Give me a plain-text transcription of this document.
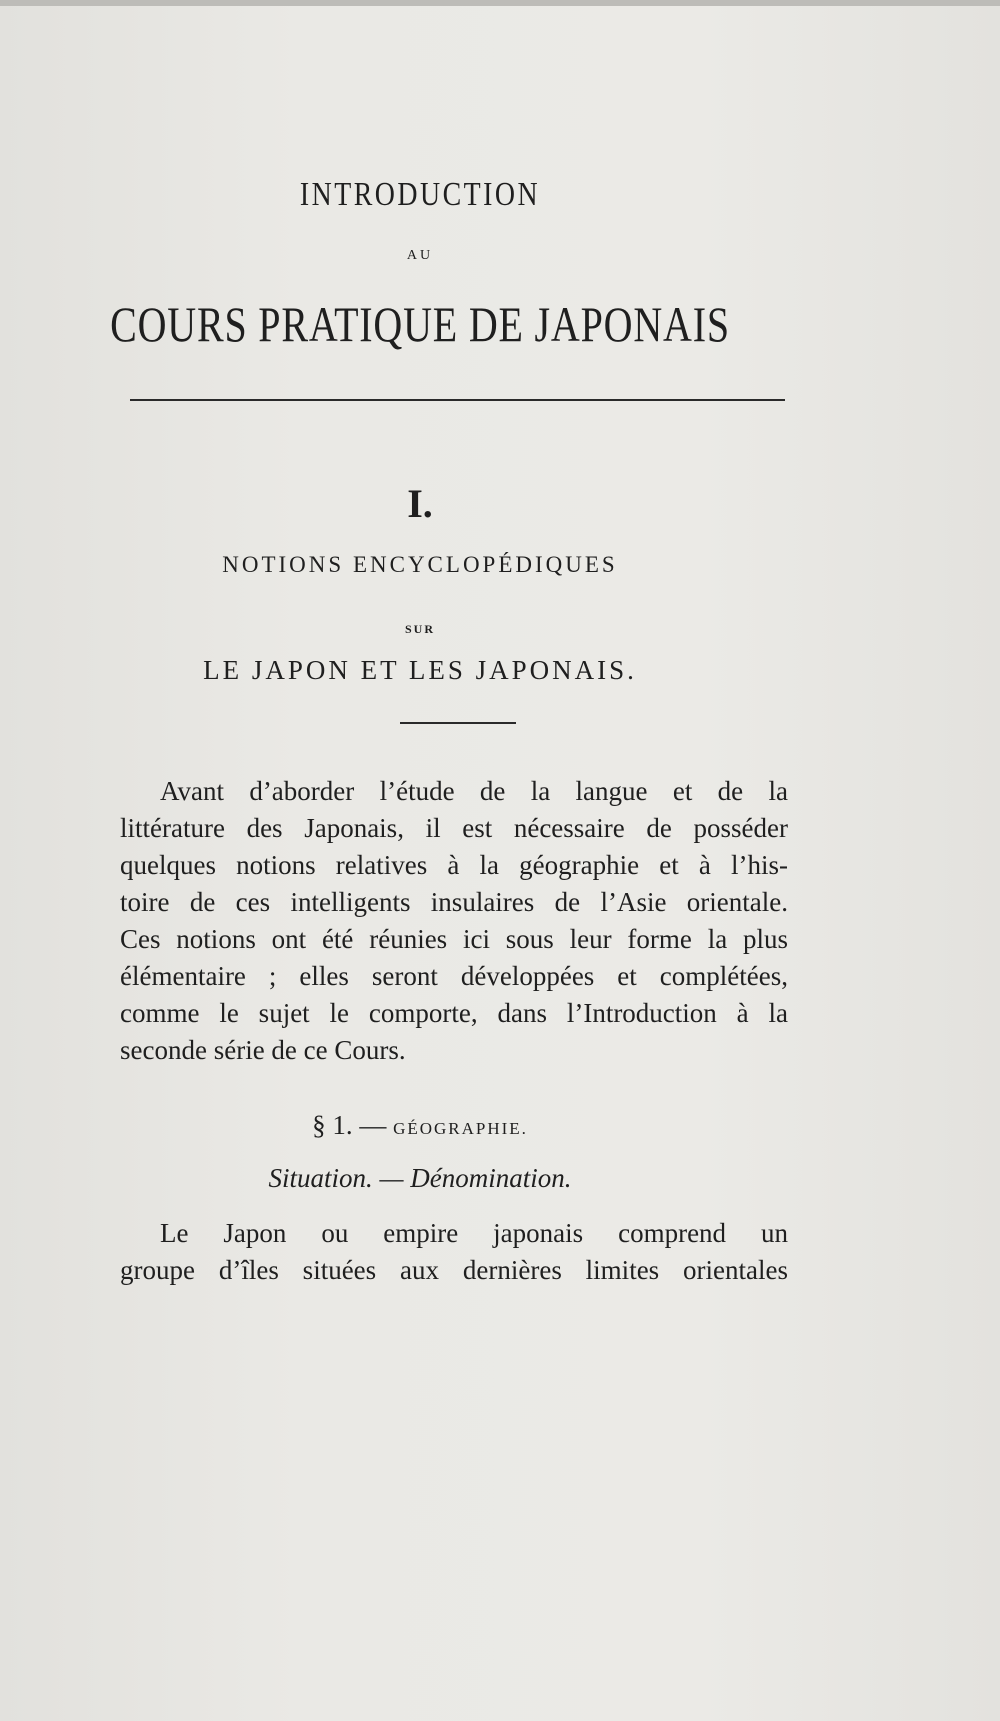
INTRODUCTION
AU
COURS PRATIQUE DE JAPONAIS
I.
NOTIONS ENCYCLOPÉDIQUES
SUR
LE JAPON ET LES JAPONAIS.
Avant d’aborder l’étude de la langue et de la
littérature des Japonais, il est nécessaire de posséder
quelques notions relatives à la géographie et à l’his-
toire de ces intelligents insulaires de l’Asie orientale.
Ces notions ont été réunies ici sous leur forme la plus
élémentaire ; elles seront développées et complétées,
comme le sujet le comporte, dans l’Introduction à la
seconde série de ce Cours.
§ 1. — GÉOGRAPHIE.
Situation. — Dénomination.
Le Japon ou empire japonais comprend un
groupe d’îles situées aux dernières limites orientales
